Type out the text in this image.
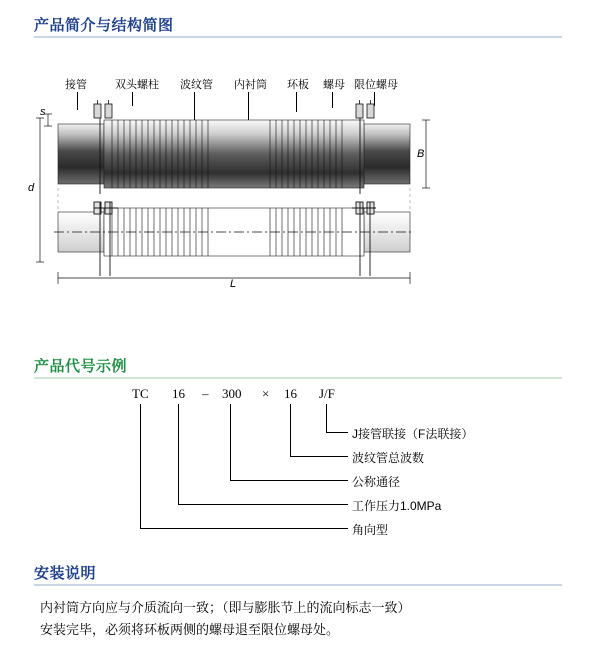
产品简介与结构简图
接管	双头螺柱 波纹管 内衬筒 环板 螺母 限位螺母
s
d
B
L
产品代号示例
TC 16 – 300 × 16 J/F
J接管联接（F法联接）
波纹管总波数
公称通径
工作压力1.0MPa
角向型
安装说明
内衬筒方向应与介质流向一致；（即与膨胀节上的流向标志一致）
安装完毕，必须将环板两侧的螺母退至限位螺母处。
